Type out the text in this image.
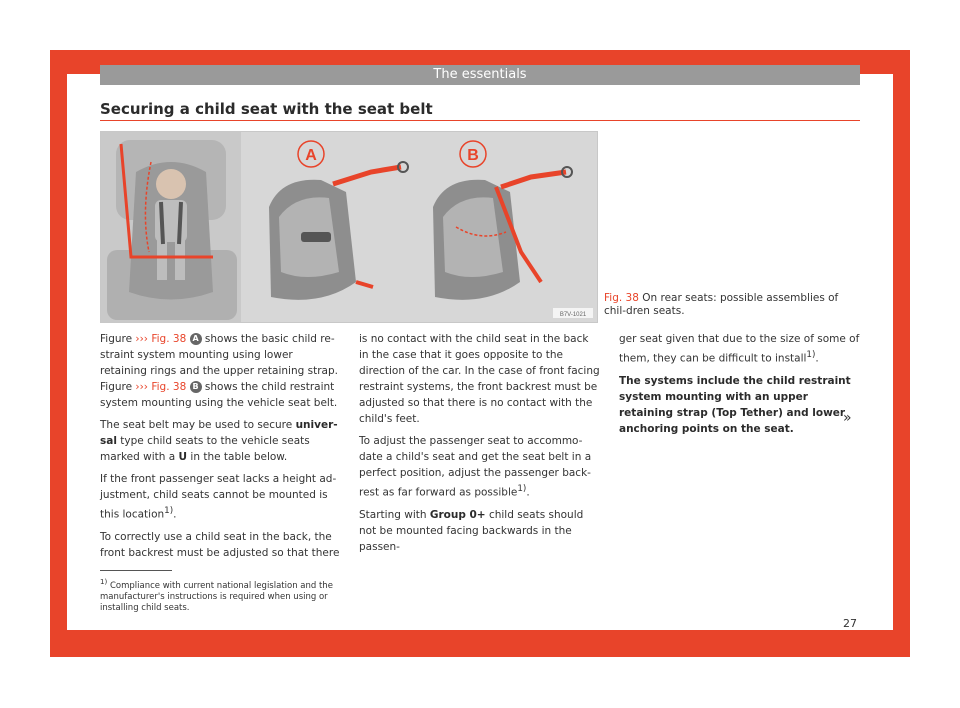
The essentials
Securing a child seat with the seat belt
A	B
B7V-1021
Fig. 38 On rear seats: possible assemblies of chil-dren seats.

Figure ››› Fig. 38 A shows the basic child re-straint system mounting using lower retaining rings and the upper retaining strap. Figure ››› Fig. 38 B shows the child restraint system mounting using the vehicle seat belt.

The seat belt may be used to secure univer-sal type child seats to the vehicle seats marked with a U in the table below.

If the front passenger seat lacks a height ad-justment, child seats cannot be mounted is this location$^{1)}$.

To correctly use a child seat in the back, the front backrest must be adjusted so that there

is no contact with the child seat in the back in the case that it goes opposite to the direction of the car. In the case of front facing restraint systems, the front backrest must be adjusted so that there is no contact with the child's feet.

To adjust the passenger seat to accommo-date a child's seat and get the seat belt in a perfect position, adjust the passenger back-rest as far forward as possible$^{1)}$.

Starting with Group 0+ child seats should not be mounted facing backwards in the passen-

ger seat given that due to the size of some of them, they can be difficult to install$^{1)}$.

The systems include the child restraint system mounting with an upper retaining strap (Top Tether) and lower anchoring points on the seat.

»
$^{1)}$ Compliance with current national legislation and the manufacturer's instructions is required when using or installing child seats.
27
